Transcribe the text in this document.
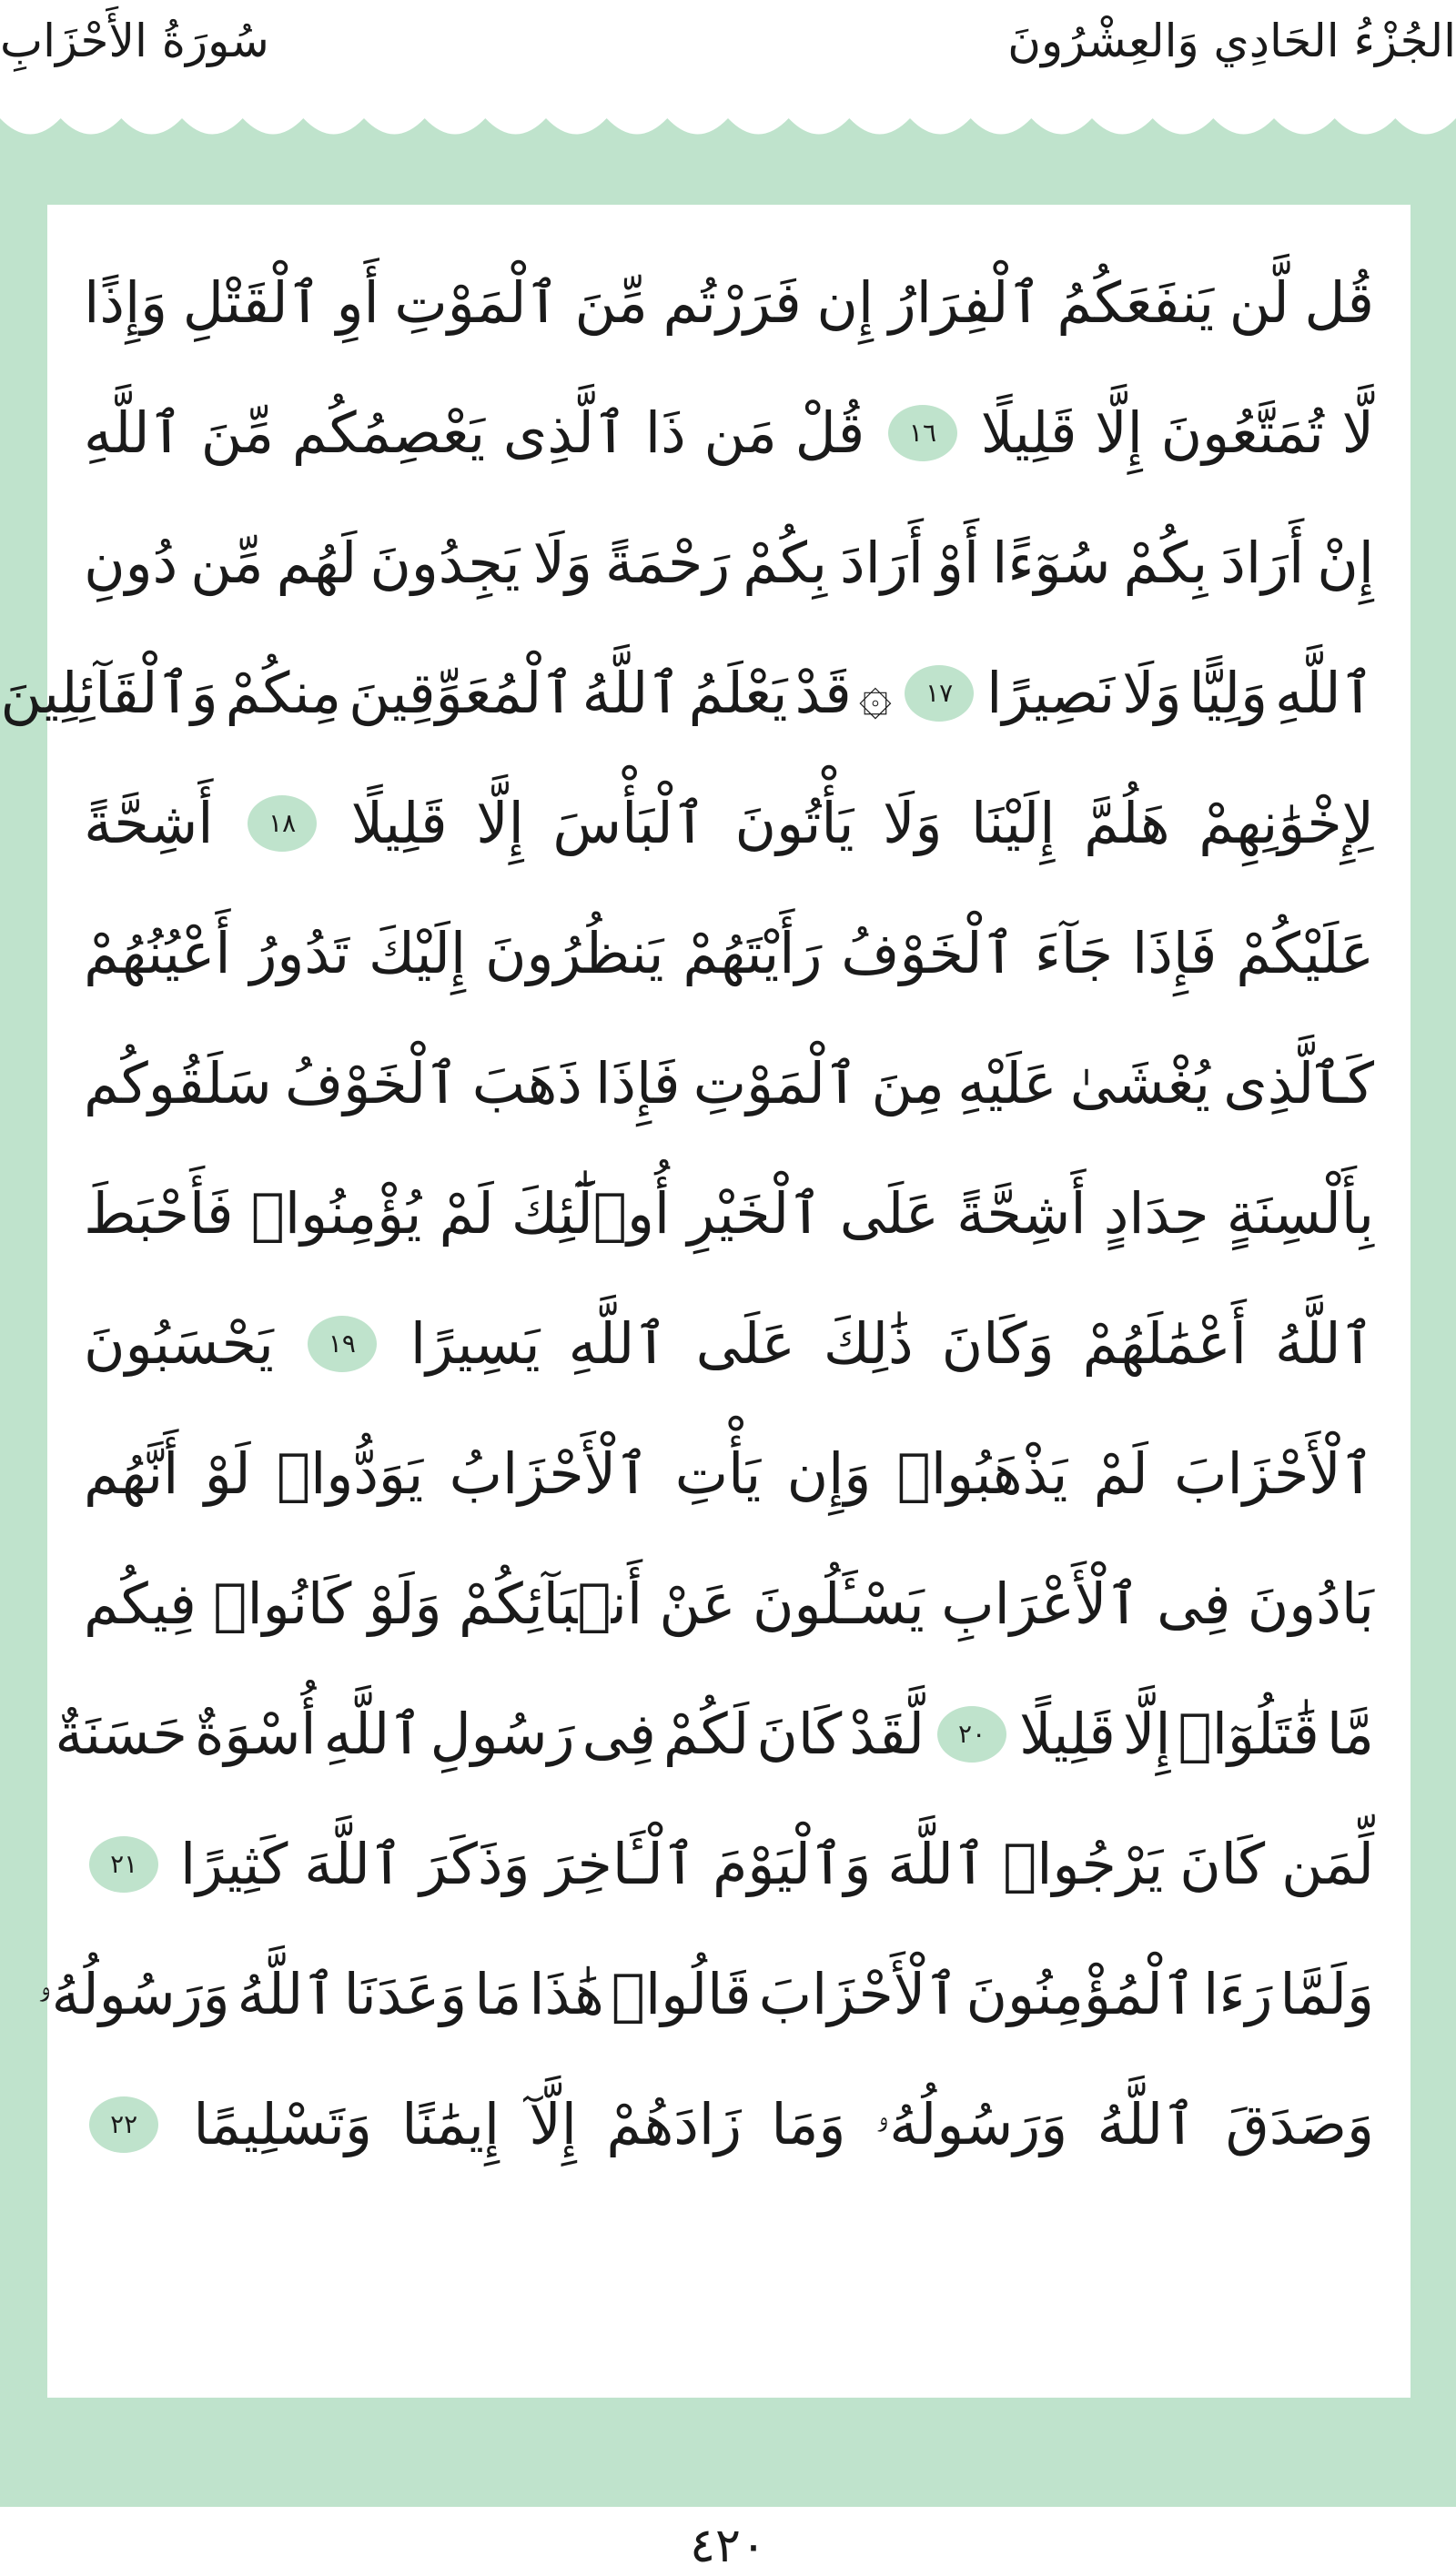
الجُزْءُ الحَادِي وَالعِشْرُونَ
سُورَةُ الأَحْزَابِ
قُل
لَّن
يَنفَعَكُمُ
ٱلْفِرَارُ
إِن
فَرَرْتُم
مِّنَ
ٱلْمَوْتِ
أَوِ
ٱلْقَتْلِ
وَإِذًا
لَّا
تُمَتَّعُونَ
إِلَّا
قَلِيلًا
١٦
قُلْ
مَن
ذَا
ٱلَّذِى
يَعْصِمُكُم
مِّنَ
ٱللَّهِ
إِنْ
أَرَادَ
بِكُمْ
سُوٓءًا
أَوْ
أَرَادَ
بِكُمْ
رَحْمَةً
وَلَا
يَجِدُونَ
لَهُم
مِّن
دُونِ
ٱللَّهِ
وَلِيًّا
وَلَا
نَصِيرًا
١٧
۞
قَدْ
يَعْلَمُ
ٱللَّهُ
ٱلْمُعَوِّقِينَ
مِنكُمْ
وَٱلْقَآئِلِينَ
لِإِخْوَٰنِهِمْ
هَلُمَّ
إِلَيْنَا
وَلَا
يَأْتُونَ
ٱلْبَأْسَ
إِلَّا
قَلِيلًا
١٨
أَشِحَّةً
عَلَيْكُمْ
فَإِذَا
جَآءَ
ٱلْخَوْفُ
رَأَيْتَهُمْ
يَنظُرُونَ
إِلَيْكَ
تَدُورُ
أَعْيُنُهُمْ
كَٱلَّذِى
يُغْشَىٰ
عَلَيْهِ
مِنَ
ٱلْمَوْتِ
فَإِذَا
ذَهَبَ
ٱلْخَوْفُ
سَلَقُوكُم
بِأَلْسِنَةٍ
حِدَادٍ
أَشِحَّةً
عَلَى
ٱلْخَيْرِ
أُو۟لَٰٓئِكَ
لَمْ
يُؤْمِنُوا۟
فَأَحْبَطَ
ٱللَّهُ
أَعْمَٰلَهُمْ
وَكَانَ
ذَٰلِكَ
عَلَى
ٱللَّهِ
يَسِيرًا
١٩
يَحْسَبُونَ
ٱلْأَحْزَابَ
لَمْ
يَذْهَبُوا۟
وَإِن
يَأْتِ
ٱلْأَحْزَابُ
يَوَدُّوا۟
لَوْ
أَنَّهُم
بَادُونَ
فِى
ٱلْأَعْرَابِ
يَسْـَٔلُونَ
عَنْ
أَنۢبَآئِكُمْ
وَلَوْ
كَانُوا۟
فِيكُم
مَّا
قَٰتَلُوٓا۟
إِلَّا
قَلِيلًا
٢٠
لَّقَدْ
كَانَ
لَكُمْ
فِى
رَسُولِ
ٱللَّهِ
أُسْوَةٌ
حَسَنَةٌ
لِّمَن
كَانَ
يَرْجُوا۟
ٱللَّهَ
وَٱلْيَوْمَ
ٱلْـَٔاخِرَ
وَذَكَرَ
ٱللَّهَ
كَثِيرًا
٢١
وَلَمَّا
رَءَا
ٱلْمُؤْمِنُونَ
ٱلْأَحْزَابَ
قَالُوا۟
هَٰذَا
مَا
وَعَدَنَا
ٱللَّهُ
وَرَسُولُهُۥ
وَصَدَقَ
ٱللَّهُ
وَرَسُولُهُۥ
وَمَا
زَادَهُمْ
إِلَّآ
إِيمَٰنًا
وَتَسْلِيمًا
٢٢
٤٢٠
